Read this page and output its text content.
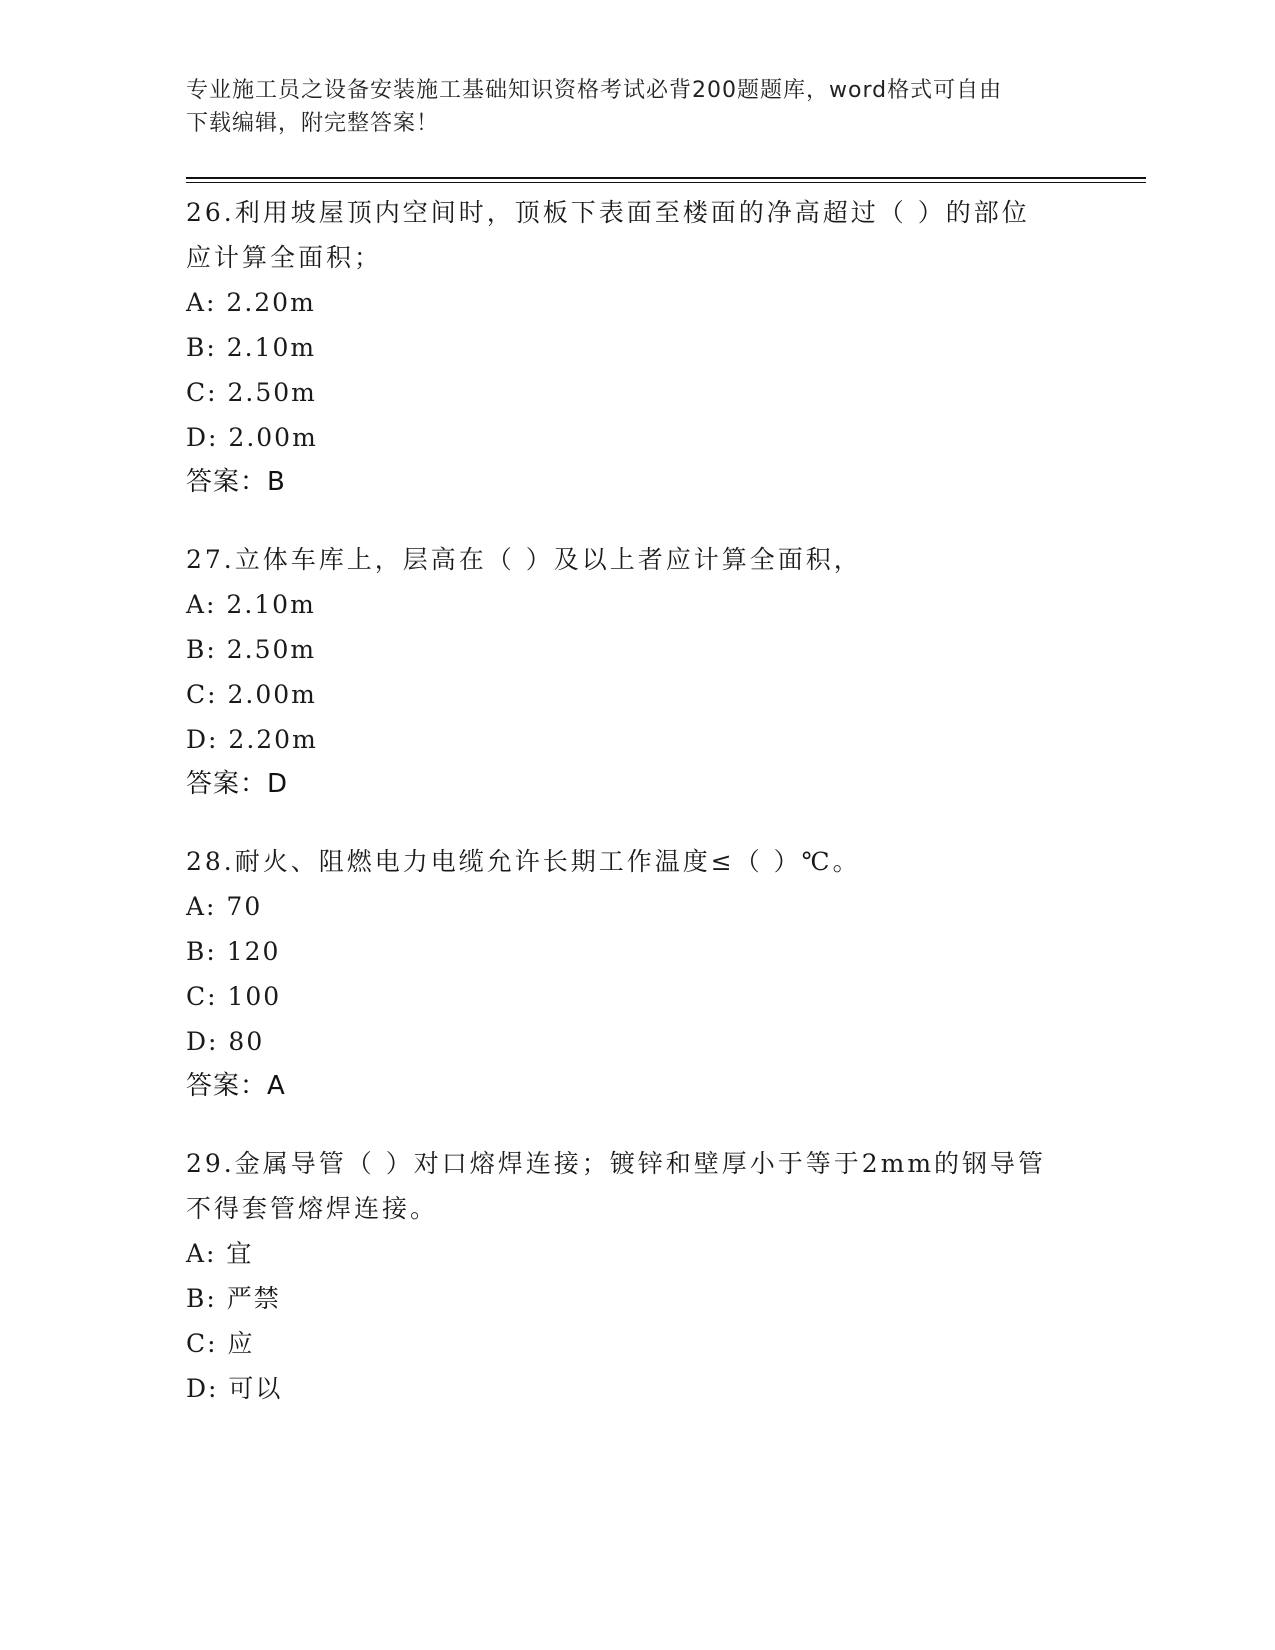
专业施工员之设备安装施工基础知识资格考试必背200题题库，word格式可自由
下载编辑，附完整答案！

26.利用坡屋顶内空间时，顶板下表面至楼面的净高超过（ ）的部位

应计算全面积；

A: 2.20m

B: 2.10m

C: 2.50m

D: 2.00m

答案：B

27.立体车库上，层高在（ ）及以上者应计算全面积，

A: 2.10m

B: 2.50m

C: 2.00m

D: 2.20m

答案：D

28.耐火、阻燃电力电缆允许长期工作温度≤（ ）℃。

A: 70

B: 120

C: 100

D: 80

答案：A

29.金属导管（ ）对口熔焊连接；镀锌和壁厚小于等于2mm的钢导管

不得套管熔焊连接。

A: 宜

B: 严禁

C: 应

D: 可以
